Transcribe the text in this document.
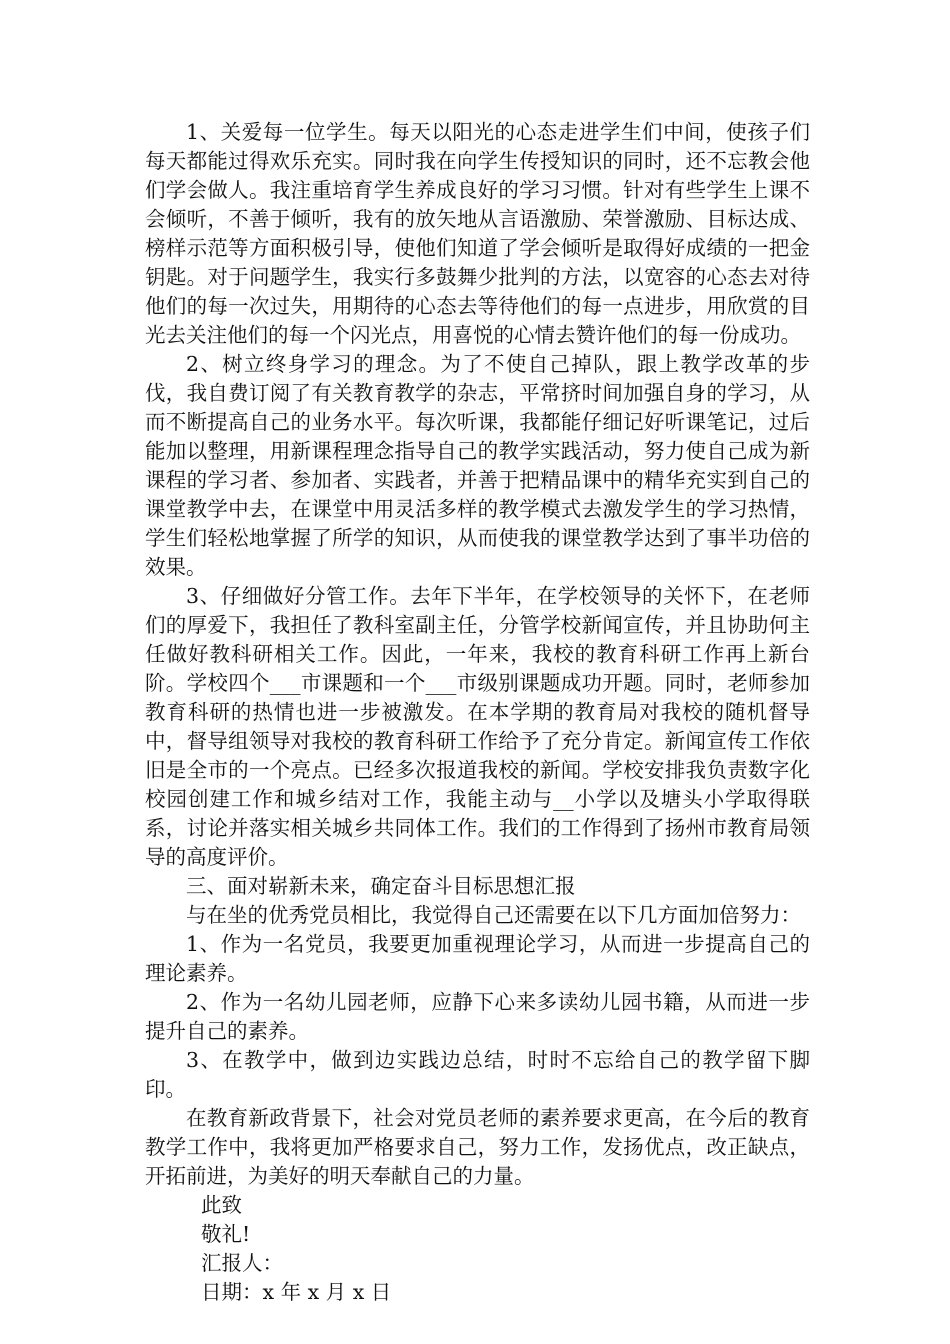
1、关爱每一位学生。每天以阳光的心态走进学生们中间，使孩子们每天都能过得欢乐充实。同时我在向学生传授知识的同时，还不忘教会他们学会做人。我注重培育学生养成良好的学习习惯。针对有些学生上课不会倾听，不善于倾听，我有的放矢地从言语激励、荣誉激励、目标达成、榜样示范等方面积极引导，使他们知道了学会倾听是取得好成绩的一把金钥匙。对于问题学生，我实行多鼓舞少批判的方法，以宽容的心态去对待他们的每一次过失，用期待的心态去等待他们的每一点进步，用欣赏的目光去关注他们的每一个闪光点，用喜悦的心情去赞许他们的每一份成功。

2、树立终身学习的理念。为了不使自己掉队，跟上教学改革的步伐，我自费订阅了有关教育教学的杂志，平常挤时间加强自身的学习，从而不断提高自己的业务水平。每次听课，我都能仔细记好听课笔记，过后能加以整理，用新课程理念指导自己的教学实践活动，努力使自己成为新课程的学习者、参加者、实践者，并善于把精品课中的精华充实到自己的课堂教学中去，在课堂中用灵活多样的教学模式去激发学生的学习热情，学生们轻松地掌握了所学的知识，从而使我的课堂教学达到了事半功倍的效果。

3、仔细做好分管工作。去年下半年，在学校领导的关怀下，在老师们的厚爱下，我担任了教科室副主任，分管学校新闻宣传，并且协助何主任做好教科研相关工作。因此，一年来，我校的教育科研工作再上新台阶。学校四个___市课题和一个___市级别课题成功开题。同时，老师参加教育科研的热情也进一步被激发。在本学期的教育局对我校的随机督导中，督导组领导对我校的教育科研工作给予了充分肯定。新闻宣传工作依旧是全市的一个亮点。已经多次报道我校的新闻。学校安排我负责数字化校园创建工作和城乡结对工作，我能主动与__小学以及塘头小学取得联系，讨论并落实相关城乡共同体工作。我们的工作得到了扬州市教育局领导的高度评价。

三、面对崭新未来，确定奋斗目标思想汇报

与在坐的优秀党员相比，我觉得自己还需要在以下几方面加倍努力：

1、作为一名党员，我要更加重视理论学习，从而进一步提高自己的理论素养。

2、作为一名幼儿园老师，应静下心来多读幼儿园书籍，从而进一步提升自己的素养。

3、在教学中，做到边实践边总结，时时不忘给自己的教学留下脚印。

在教育新政背景下，社会对党员老师的素养要求更高，在今后的教育教学工作中，我将更加严格要求自己，努力工作，发扬优点，改正缺点，开拓前进，为美好的明天奉献自己的力量。

此致

敬礼!

汇报人：

日期：x 年 x 月 x 日
